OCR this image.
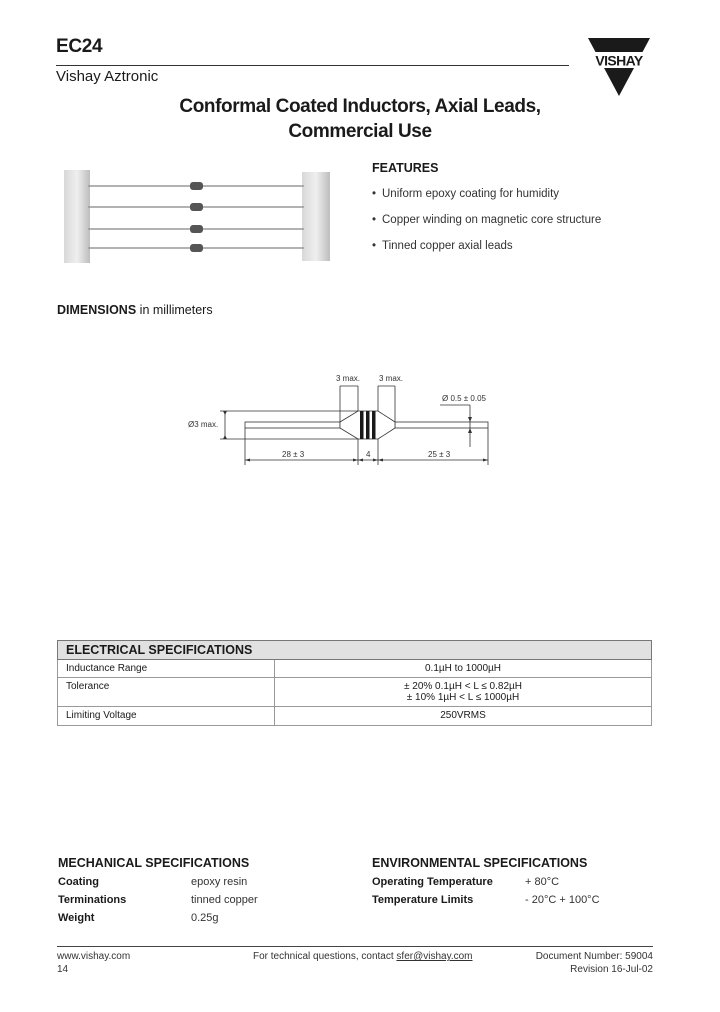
EC24
Vishay Aztronic
VISHAY
Conformal Coated Inductors, Axial Leads,
Commercial Use
FEATURES
• Uniform epoxy coating for humidity
• Copper winding on magnetic core structure
• Tinned copper axial leads
DIMENSIONS in millimeters
3 max. 3 max.
Ø 0.5 ± 0.05
Ø3 max.
28 ± 3	4	25 ± 3
ELECTRICAL SPECIFICATIONS	
Inductance Range	0.1µH to 1000µH
Tolerance	± 20% 0.1µH < L ≤ 0.82µH
± 10% 1µH < L ≤ 1000µH

Limiting Voltage	250VRMS
MECHANICAL SPECIFICATIONS
Coating	epoxy resin
Terminations	tinned copper
Weight	0.25g
ENVIRONMENTAL SPECIFICATIONS
Operating Temperature	+ 80°C
Temperature Limits	- 20°C + 100°C
www.vishay.com
14
For technical questions, contact sfer@vishay.com	Document Number: 59004
Revision 16-Jul-02
